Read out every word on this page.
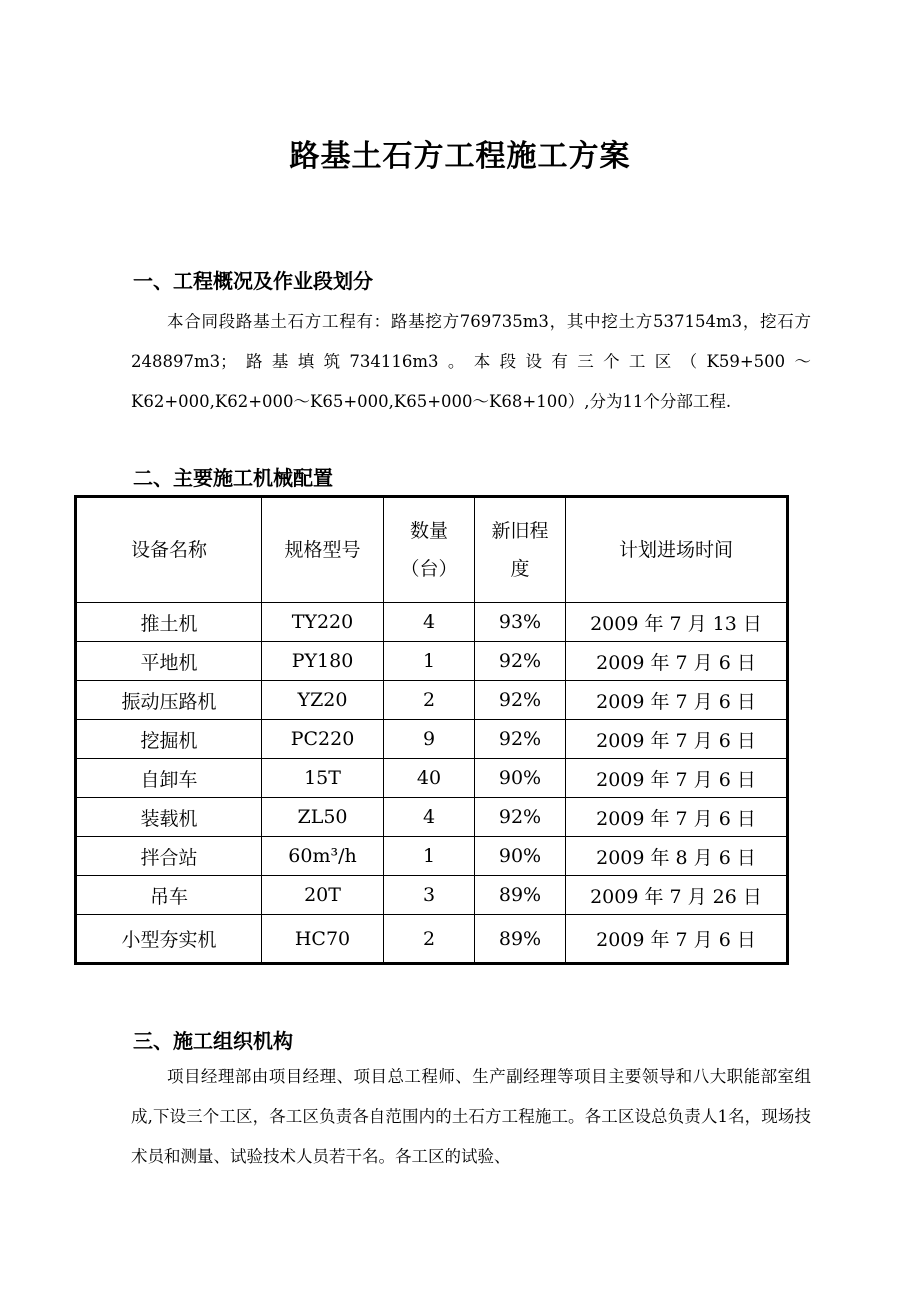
路基土石方工程施工方案
一、工程概况及作业段划分
本合同段路基土石方工程有：路基挖方769735m3，其中挖土方537154m3，挖石方248897m3；路基填筑734116m3。本段设有三个工区（K59+500～K62+000,K62+000～K65+000,K65+000～K68+100）,分为11个分部工程.
二、主要施工机械配置
设备名称	规格型号	数量（台）	新旧程度	计划进场时间
推土机	TY220	4	93%	2009 年 7 月 13 日
平地机	PY180	1	92%	2009 年 7 月 6 日
振动压路机	YZ20	2	92%	2009 年 7 月 6 日
挖掘机	PC220	9	92%	2009 年 7 月 6 日
自卸车	15T	40	90%	2009 年 7 月 6 日
装载机	ZL50	4	92%	2009 年 7 月 6 日
拌合站	60m³/h	1	90%	2009 年 8 月 6 日
吊车	20T	3	89%	2009 年 7 月 26 日
小型夯实机	HC70	2	89%	2009 年 7 月 6 日
三、施工组织机构
项目经理部由项目经理、项目总工程师、生产副经理等项目主要领导和八大职能部室组成,下设三个工区，各工区负责各自范围内的土石方工程施工。各工区设总负责人1名，现场技术员和测量、试验技术人员若干名。各工区的试验、
